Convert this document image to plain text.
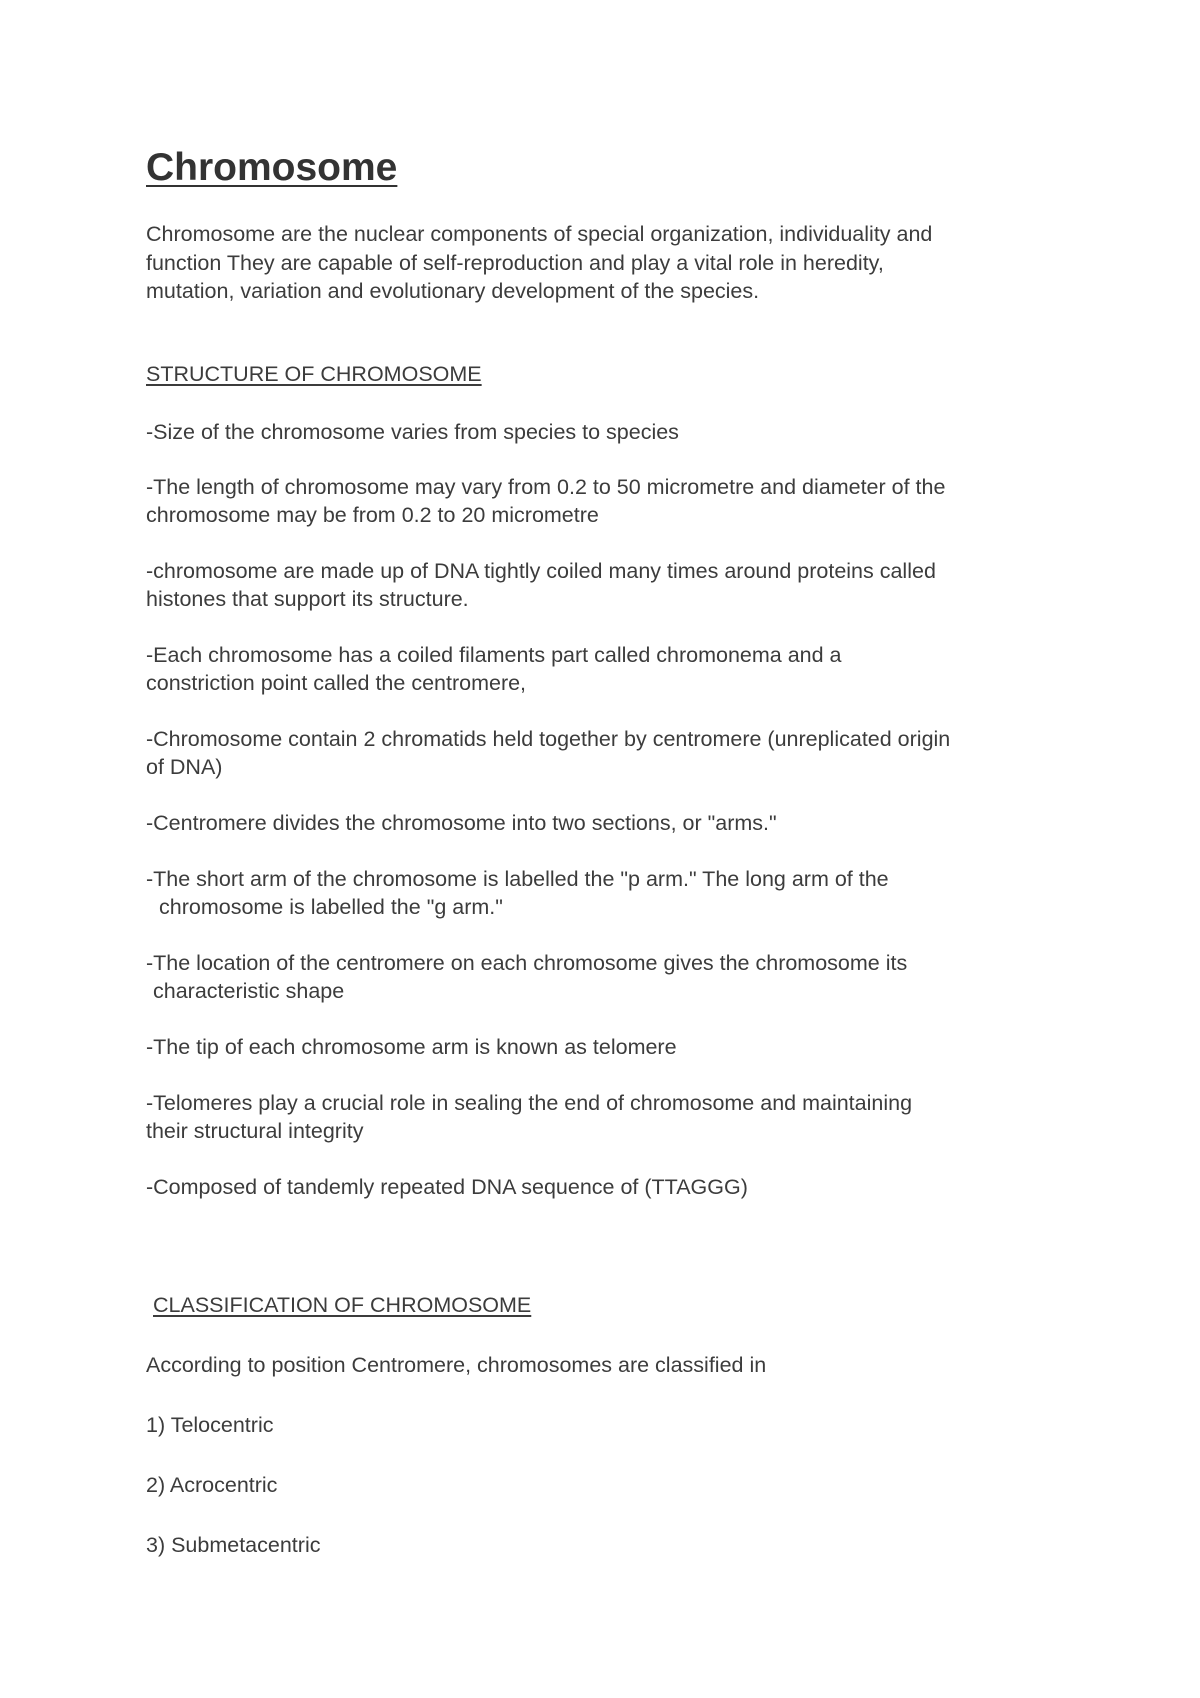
Chromosome

Chromosome are the nuclear components of special organization, individuality and

function They are capable of self-reproduction and play a vital role in heredity,

mutation, variation and evolutionary development of the species.

STRUCTURE OF CHROMOSOME

-Size of the chromosome varies from species to species

-The length of chromosome may vary from 0.2 to 50 micrometre and diameter of the

chromosome may be from 0.2 to 20 micrometre

-chromosome are made up of DNA tightly coiled many times around proteins called

histones that support its structure.

-Each chromosome has a coiled filaments part called chromonema and a

constriction point called the centromere,

-Chromosome contain 2 chromatids held together by centromere (unreplicated origin

of DNA)

-Centromere divides the chromosome into two sections, or "arms."

-The short arm of the chromosome is labelled the "p arm." The long arm of the

chromosome is labelled the "g arm."

-The location of the centromere on each chromosome gives the chromosome its

characteristic shape

-The tip of each chromosome arm is known as telomere

-Telomeres play a crucial role in sealing the end of chromosome and maintaining

their structural integrity

-Composed of tandemly repeated DNA sequence of (TTAGGG)

CLASSIFICATION OF CHROMOSOME

According to position Centromere, chromosomes are classified in

1) Telocentric

2) Acrocentric

3) Submetacentric
